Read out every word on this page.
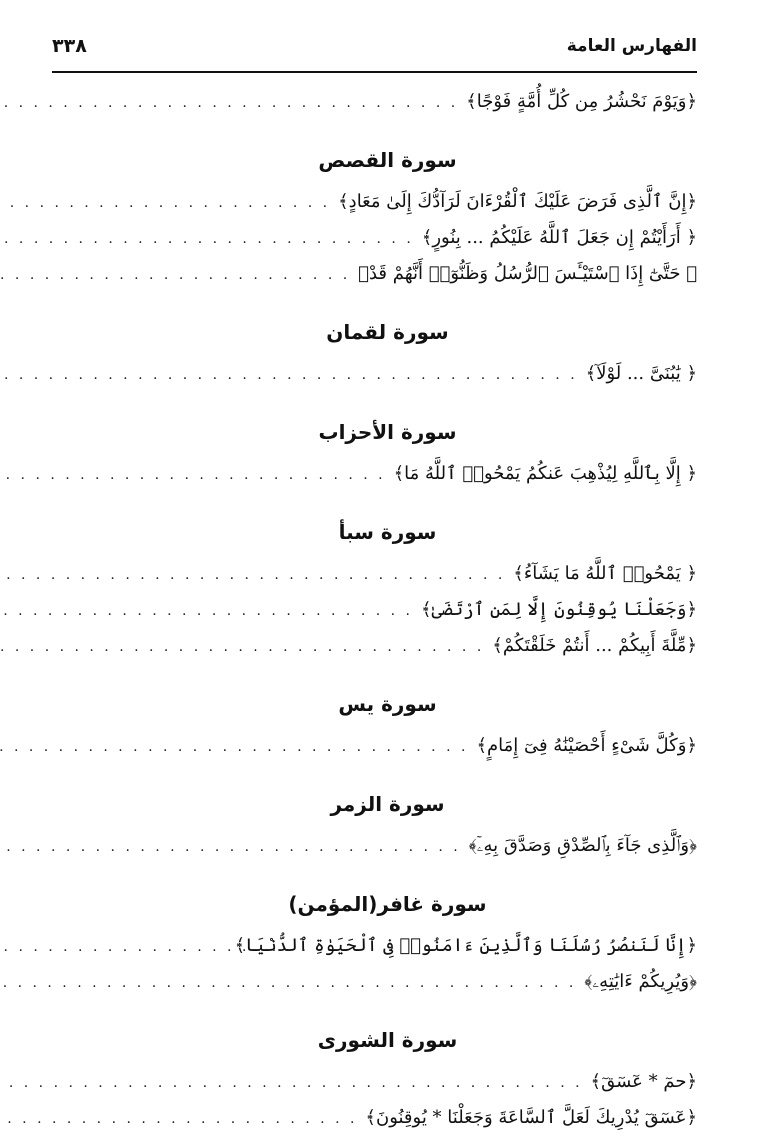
٣٣٨	الفهارس العامة
﴿وَيَوْمَ نَحْشُرُ مِن كُلِّ أُمَّةٍ فَوْجًا﴾
. . .
سورة القصص
﴿إِنَّ ٱلَّذِى فَرَضَ عَلَيْكَ ٱلْقُرْءَانَ لَرَآدُّكَ إِلَىٰ مَعَادٍ﴾
. . .
﴿ أَرَأَيْتُمْ إِن جَعَلَ ٱللَّهُ عَلَيْكُمُ ... بِنُورٍ﴾
. . .
﴿ حَتَّىٰٓ إِذَا ٱسْتَيْـَٔسَ ٱلرُّسُلُ وَظَنُّوٓا۟ أَنَّهُمْ قَدْ﴾
. . .
سورة لقمان
﴿ يَٰبُنَىَّ ... لَوْلَآ﴾
. . .
سورة الأحزاب
﴿ إِلَّا بِٱللَّهِ لِيُذْهِبَ عَنكُمُ يَمْحُوا۟ ٱللَّهُ مَا﴾
. . .
سورة سبأ
﴿ يَمْحُوا۟ ٱللَّهُ مَا يَشَآءُ﴾
. . .
﴿وَجَعَلْنَا يُوقِنُونَ إِلَّا لِمَنِ ٱرْتَضَىٰ﴾
. . .
﴿مِّلَّةَ أَبِيكُمْ ... أَنتُمْ خَلَقْتَكُمْ﴾
. . .
سورة يس
﴿وَكُلَّ شَىْءٍ أَحْصَيْنَٰهُ فِىٓ إِمَامٍ﴾
. . .
سورة الزمر
﴿وَٱلَّذِى جَآءَ بِٱلصِّدْقِ وَصَدَّقَ بِهِۦٓ﴾
. . .
سورة غافر(المؤمن)
﴿إِنَّا لَنَنصُرُ رُسُلَنَا وَٱلَّذِينَ ءَامَنُوا۟ فِى ٱلْحَيَوٰةِ ٱلدُّنْيَا﴾
. . .
﴿وَيُرِيكُمْ ءَايَٰتِهِۦ﴾
. . .
سورة الشورى
﴿حمٓ * عٓسٓقٓ﴾
. . .
﴿عٓسٓقٓ يُدْرِيكَ لَعَلَّ ٱلسَّاعَةَ وَجَعَلْنَا * يُوقِنُونَ﴾
. . .
